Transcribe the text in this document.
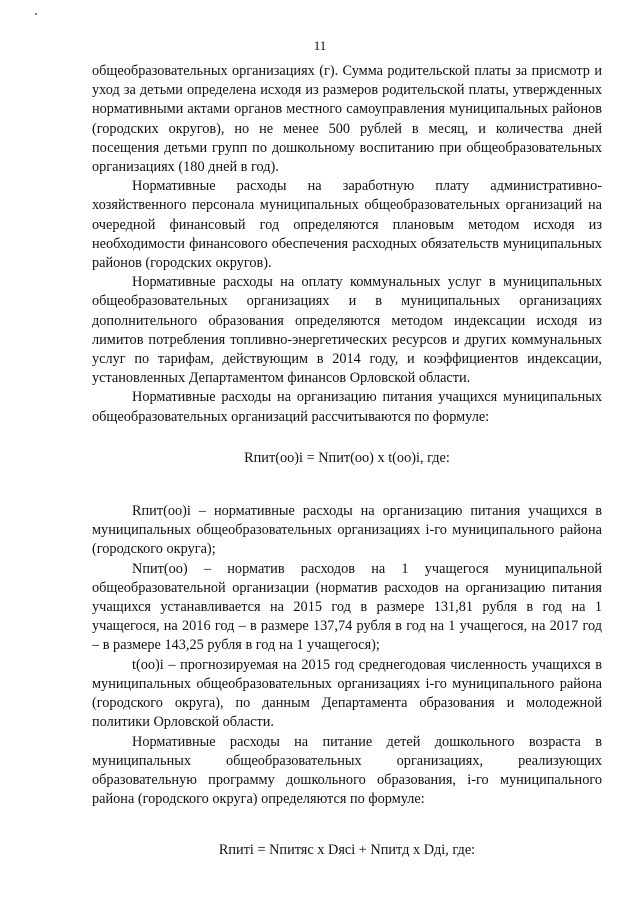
11

общеобразовательных организациях (г). Сумма родительской платы за присмотр и уход за детьми определена исходя из размеров родительской платы, утвержденных нормативными актами органов местного самоуправления муниципальных районов (городских округов), но не менее 500 рублей в месяц, и количества дней посещения детьми групп по дошкольному воспитанию при общеобразовательных организациях (180 дней в год).

Нормативные расходы на заработную плату административно-хозяйственного персонала муниципальных общеобразовательных организаций на очередной финансовый год определяются плановым методом исходя из необходимости финансового обеспечения расходных обязательств муниципальных районов (городских округов).

Нормативные расходы на оплату коммунальных услуг в муниципальных общеобразовательных организациях и в муниципальных организациях дополнительного образования определяются методом индексации исходя из лимитов потребления топливно-энергетических ресурсов и других коммунальных услуг по тарифам, действующим в 2014 году, и коэффициентов индексации, установленных Департаментом финансов Орловской области.

Нормативные расходы на организацию питания учащихся муниципальных общеобразовательных организаций рассчитываются по формуле:

Rпит(оо)i = Nпит(оо) x t(оо)i, где:

Rпит(оо)i – нормативные расходы на организацию питания учащихся в муниципальных общеобразовательных организациях i-го муниципального района (городского округа);

Nпит(оо) – норматив расходов на 1 учащегося муниципальной общеобразовательной организации (норматив расходов на организацию питания учащихся устанавливается на 2015 год в размере 131,81 рубля в год на 1 учащегося, на 2016 год – в размере 137,74 рубля в год на 1 учащегося, на 2017 год – в размере 143,25 рубля в год на 1 учащегося);

t(оо)i – прогнозируемая на 2015 год среднегодовая численность учащихся в муниципальных общеобразовательных организациях i-го муниципального района (городского округа), по данным Департамента образования и молодежной политики Орловской области.

Нормативные расходы на питание детей дошкольного возраста в муниципальных общеобразовательных организациях, реализующих образовательную программу дошкольного образования, i-го муниципального района (городского округа) определяются по формуле:

Rпитi = Nпитяс x Dясi + Nпитд x Dдi, где:
